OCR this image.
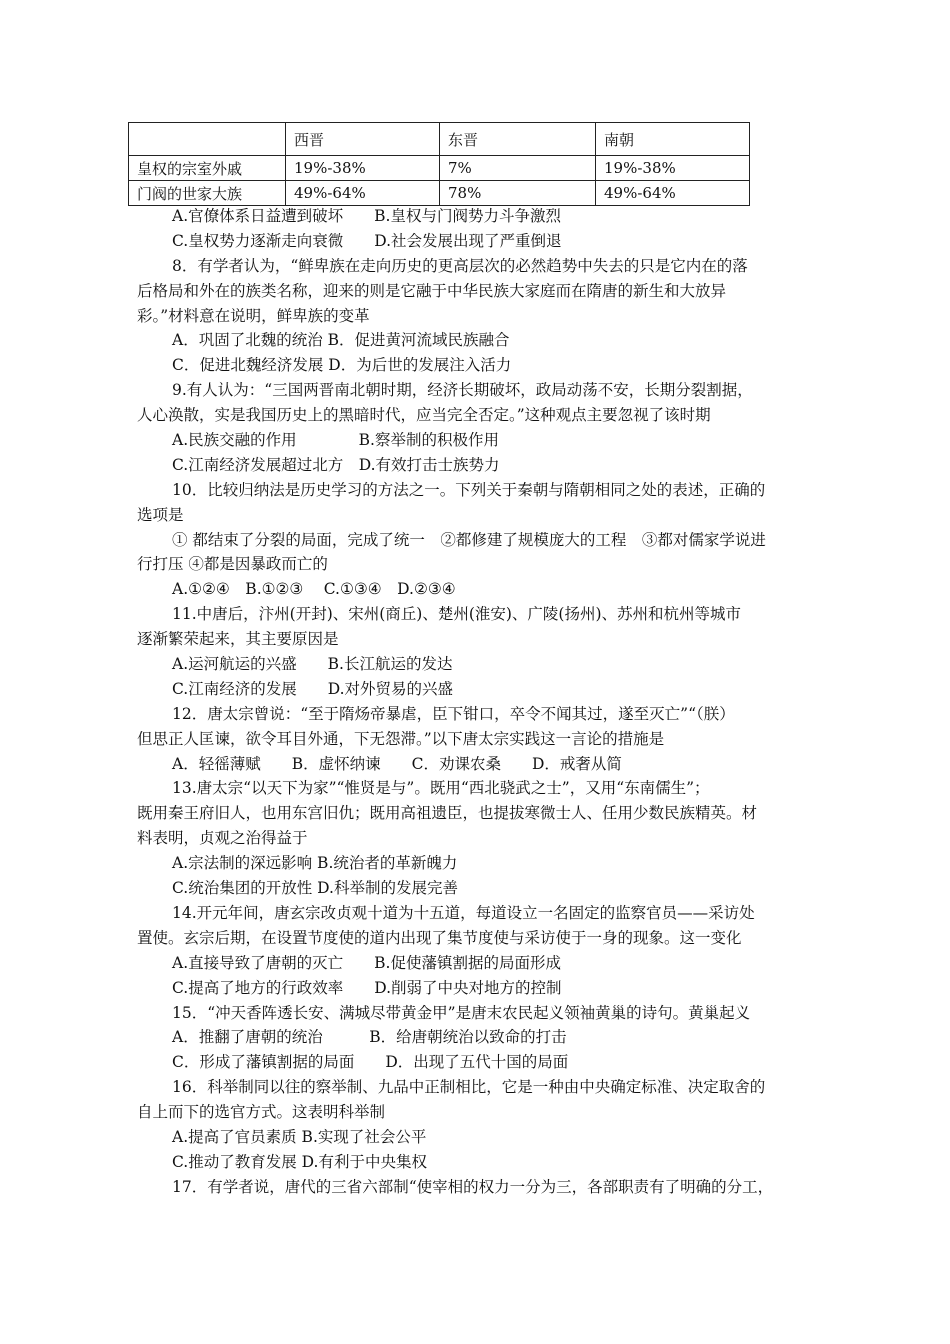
	西晋	东晋	南朝
皇权的宗室外戚	19%-38%	7%	19%-38%
门阀的世家大族	49%-64%	78%	49%-64%
A.官僚体系日益遭到破坏　　B.皇权与门阀势力斗争激烈
C.皇权势力逐渐走向衰微　　D.社会发展出现了严重倒退
8．有学者认为，“鲜卑族在走向历史的更高层次的必然趋势中失去的只是它内在的落
后格局和外在的族类名称，迎来的则是它融于中华民族大家庭而在隋唐的新生和大放异
彩。”材料意在说明，鲜卑族的变革
A．巩固了北魏的统治 B．促进黄河流域民族融合
C．促进北魏经济发展 D．为后世的发展注入活力
9.有人认为：“三国两晋南北朝时期，经济长期破坏，政局动荡不安，长期分裂割据，
人心涣散，实是我国历史上的黑暗时代，应当完全否定。”这种观点主要忽视了该时期
A.民族交融的作用　　　　B.察举制的积极作用
C.江南经济发展超过北方　D.有效打击士族势力
10．比较归纳法是历史学习的方法之一。下列关于秦朝与隋朝相同之处的表述，正确的
选项是
① 都结束了分裂的局面，完成了统一　②都修建了规模庞大的工程　③都对儒家学说进
行打压 ④都是因暴政而亡的
A.①②④　B.①②③　 C.①③④　D.②③④
11.中唐后，汴州(开封)、宋州(商丘)、楚州(淮安)、广陵(扬州)、苏州和杭州等城市
逐渐繁荣起来，其主要原因是
A.运河航运的兴盛　　B.长江航运的发达
C.江南经济的发展　　D.对外贸易的兴盛
12．唐太宗曾说：“至于隋炀帝暴虐，臣下钳口，卒令不闻其过，遂至灭亡”“（朕）
但思正人匡谏，欲令耳目外通，下无怨滞。”以下唐太宗实践这一言论的措施是
A．轻徭薄赋　　B．虚怀纳谏　　C．劝课农桑　　D．戒奢从简
13.唐太宗“以天下为家”“惟贤是与”。既用“西北骁武之士”，又用“东南儒生”；
既用秦王府旧人，也用东宫旧仇；既用高祖遗臣，也提拔寒微士人、任用少数民族精英。材
料表明，贞观之治得益于
A.宗法制的深远影响 B.统治者的革新魄力
C.统治集团的开放性 D.科举制的发展完善
14.开元年间，唐玄宗改贞观十道为十五道，每道设立一名固定的监察官员——采访处
置使。玄宗后期，在设置节度使的道内出现了集节度使与采访使于一身的现象。这一变化
A.直接导致了唐朝的灭亡　　B.促使藩镇割据的局面形成
C.提高了地方的行政效率　　D.削弱了中央对地方的控制
15．“冲天香阵透长安、满城尽带黄金甲”是唐末农民起义领袖黄巢的诗句。黄巢起义
A．推翻了唐朝的统治　　　B．给唐朝统治以致命的打击
C．形成了藩镇割据的局面　　D．出现了五代十国的局面
16．科举制同以往的察举制、九品中正制相比，它是一种由中央确定标准、决定取舍的
自上而下的选官方式。这表明科举制
A.提高了官员素质 B.实现了社会公平
C.推动了教育发展 D.有利于中央集权
17．有学者说，唐代的三省六部制“使宰相的权力一分为三，各部职责有了明确的分工，
